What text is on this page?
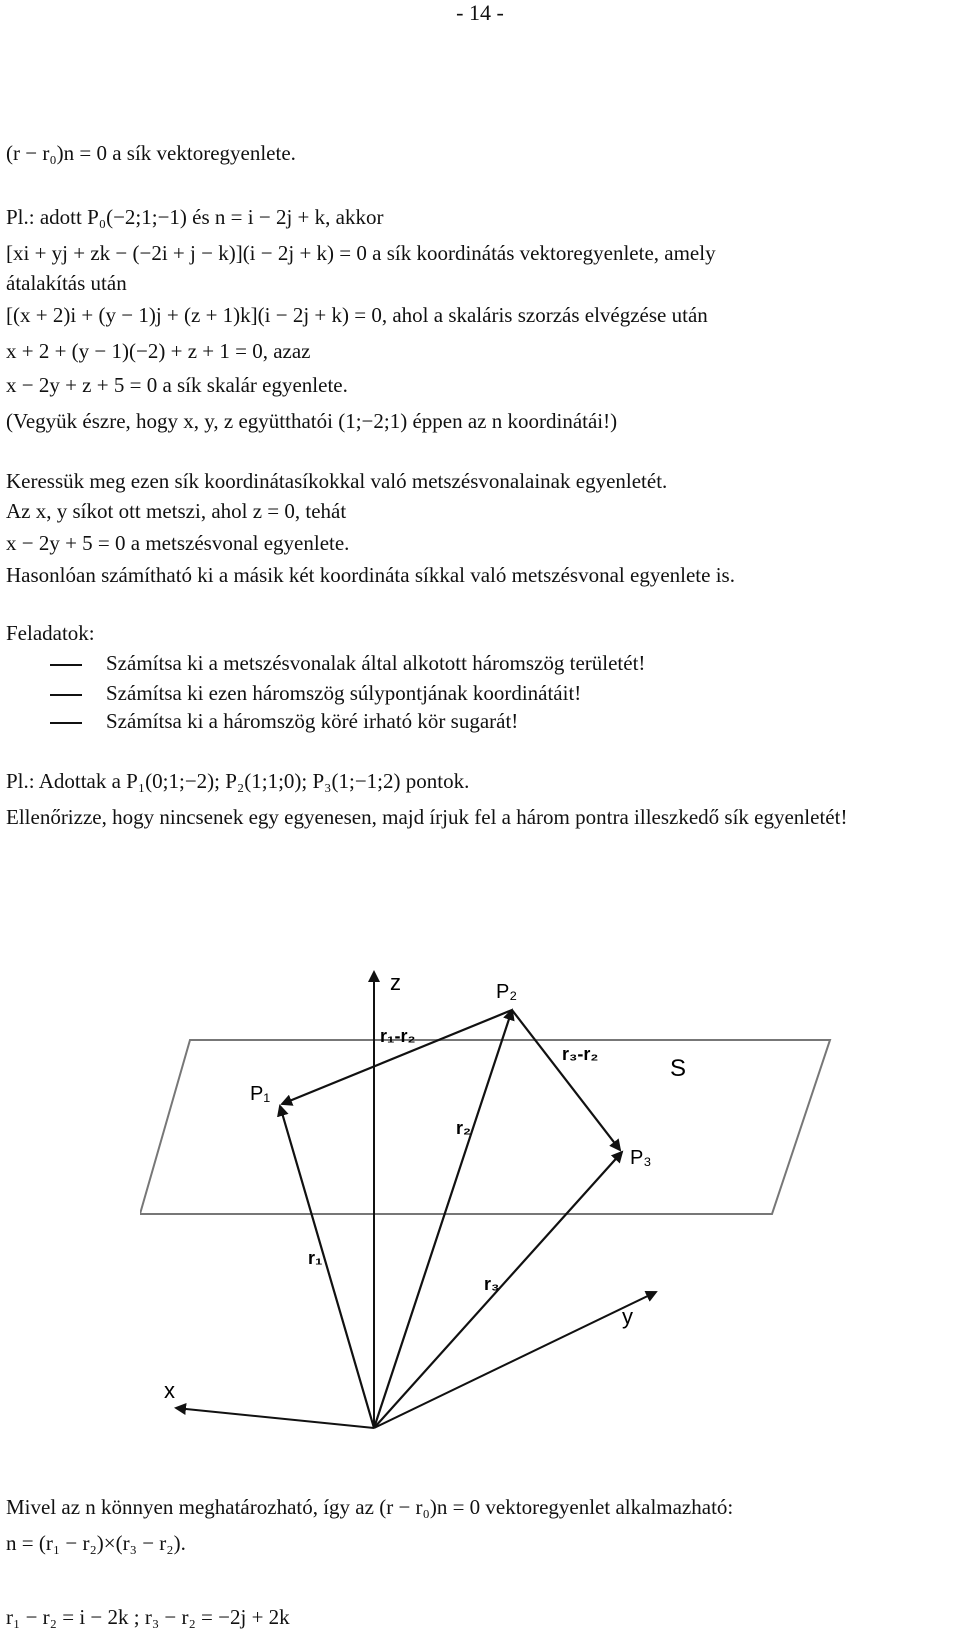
- 14 -
(r − r₀)n = 0 a sík vektoregyenlete.
Pl.: adott P₀(−2;1;−1) és n = i − 2j + k, akkor
[xi + yj + zk − (−2i + j − k)](i − 2j + k) = 0 a sík koordinátás vektoregyenlete, amely
átalakítás után
[(x + 2)i + (y − 1)j + (z + 1)k](i − 2j + k) = 0, ahol a skaláris szorzás elvégzése után
x + 2 + (y − 1)(−2) + z + 1 = 0, azaz
x − 2y + z + 5 = 0 a sík skalár egyenlete.
(Vegyük észre, hogy x, y, z együtthatói (1;−2;1) éppen az n koordinátái!)
Keressük meg ezen sík koordinátasíkokkal való metszésvonalainak egyenletét.
Az x, y síkot ott metszi, ahol z = 0, tehát
x − 2y + 5 = 0 a metszésvonal egyenlete.
Hasonlóan számítható ki a másik két koordináta síkkal való metszésvonal egyenlete is.
Feladatok:
Számítsa ki a metszésvonalak által alkotott háromszög területét!
Számítsa ki ezen háromszög súlypontjának koordinátáit!
Számítsa ki a háromszög köré irható kör sugarát!
Pl.: Adottak a P₁(0;1;−2); P₂(1;1;0); P₃(1;−1;2) pontok.
Ellenőrizze, hogy nincsenek egy egyenesen, majd írjuk fel a három pontra illeszkedő sík egyenletét!
z
y
x
S
P₁
P₂
P₃
r₁
r₂
r₃
r₁-r₂
r₃-r₂
Mivel az n könnyen meghatározható, így az (r − r₀)n = 0 vektoregyenlet alkalmazható:
n = (r₁ − r₂)×(r₃ − r₂).
r₁ − r₂ = i − 2k ; r₃ − r₂ = −2j + 2k
